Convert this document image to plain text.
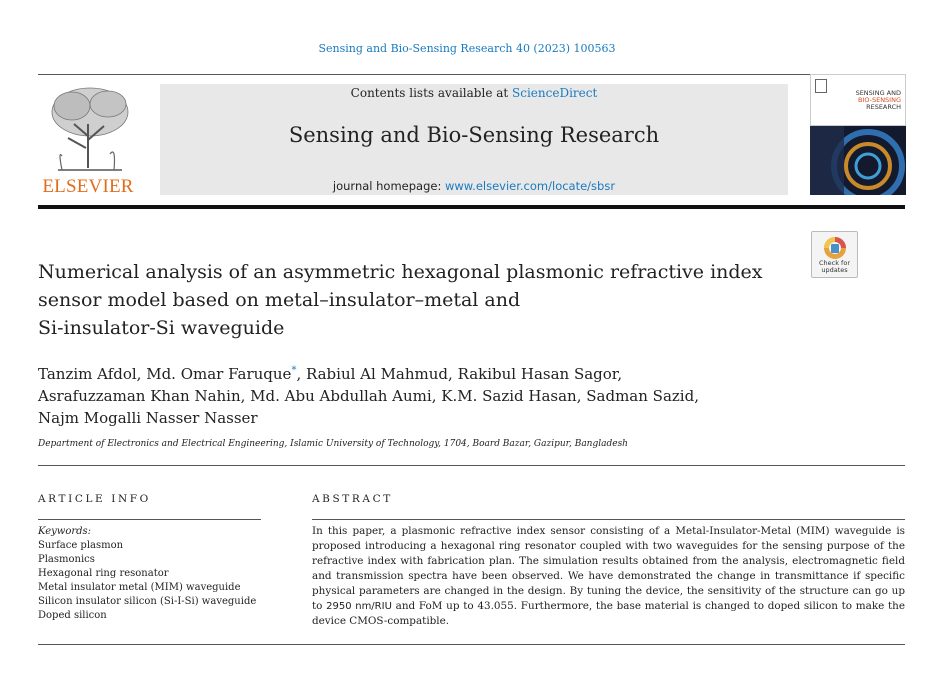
Sensing and Bio-Sensing Research 40 (2023) 100563
ELSEVIER
Contents lists available at ScienceDirect
Sensing and Bio-Sensing Research
journal homepage: www.elsevier.com/locate/sbsr
SENSING AND
BIO-SENSING
RESEARCH
Check for
updates
Numerical analysis of an asymmetric hexagonal plasmonic refractive index
sensor model based on metal–insulator–metal and
Si-insulator-Si waveguide
Tanzim Afdol, Md. Omar Faruque*, Rabiul Al Mahmud, Rakibul Hasan Sagor,
Asrafuzzaman Khan Nahin, Md. Abu Abdullah Aumi, K.M. Sazid Hasan, Sadman Sazid,
Najm Mogalli Nasser Nasser
Department of Electronics and Electrical Engineering, Islamic University of Technology, 1704, Board Bazar, Gazipur, Bangladesh
ARTICLE INFO	ABSTRACT
Keywords:
Surface plasmon
Plasmonics
Hexagonal ring resonator
Metal insulator metal (MIM) waveguide
Silicon insulator silicon (Si-I-Si) waveguide
Doped silicon

In this paper, a plasmonic refractive index sensor consisting of a Metal-Insulator-Metal (MIM) waveguide is proposed introducing a hexagonal ring resonator coupled with two waveguides for the sensing purpose of the refractive index with fabrication plan. The simulation results obtained from the analysis, electromagnetic field and transmission spectra have been observed. We have demonstrated the change in transmittance if specific physical parameters are changed in the design. By tuning the device, the sensitivity of the structure can go up to 2950 nm/RIU and FoM up to 43.055. Furthermore, the base material is changed to doped silicon to make the device CMOS-compatible.
